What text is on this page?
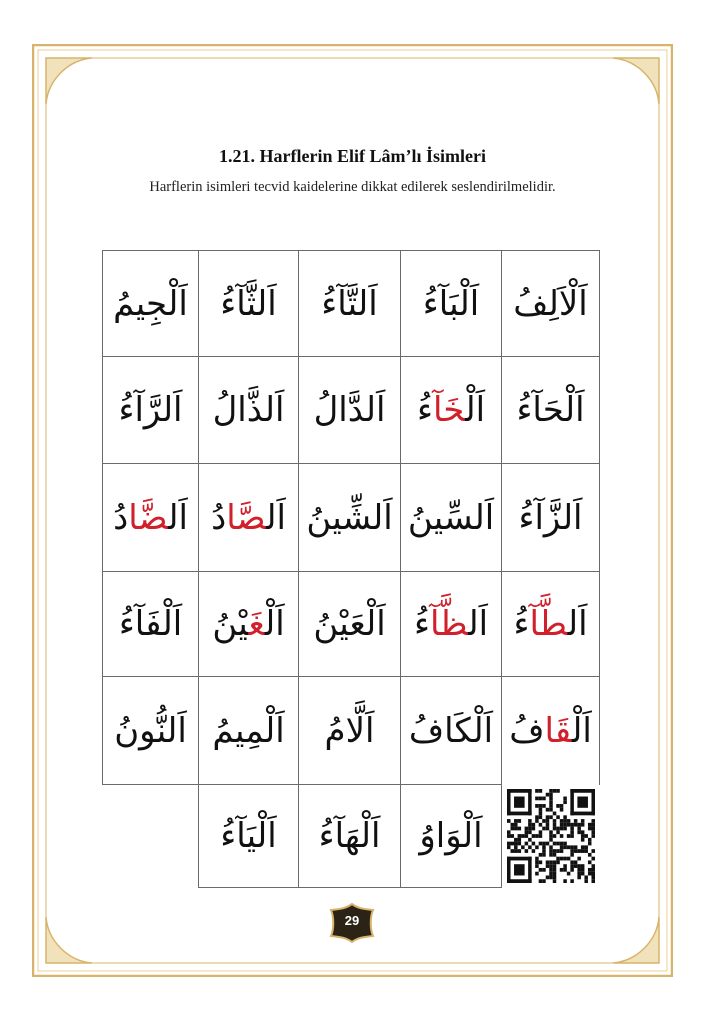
1.21. Harflerin Elif Lâm’lı İsimleri
Harflerin isimleri tecvid kaidelerine dikkat edilerek seslendirilmelidir.
اَلْاَلِفُ
اَلْبَآءُ
اَلتَّآءُ
اَلثَّآءُ
اَلْجِيمُ
اَلْحَآءُ
اَلْخَآءُ
اَلدَّالُ
اَلذَّالُ
اَلرَّآءُ
اَلزَّآءُ
اَلسِّينُ
اَلشِّينُ
اَلصَّادُ
اَلضَّادُ
اَلطَّآءُ
اَلظَّآءُ
اَلْعَيْنُ
اَلْغَيْنُ
اَلْفَآءُ
اَلْقَافُ
اَلْكَافُ
اَلَّامُ
اَلْمِيمُ
اَلنُّونُ
اَلْوَاوُ
اَلْهَآءُ
اَلْيَآءُ
29
